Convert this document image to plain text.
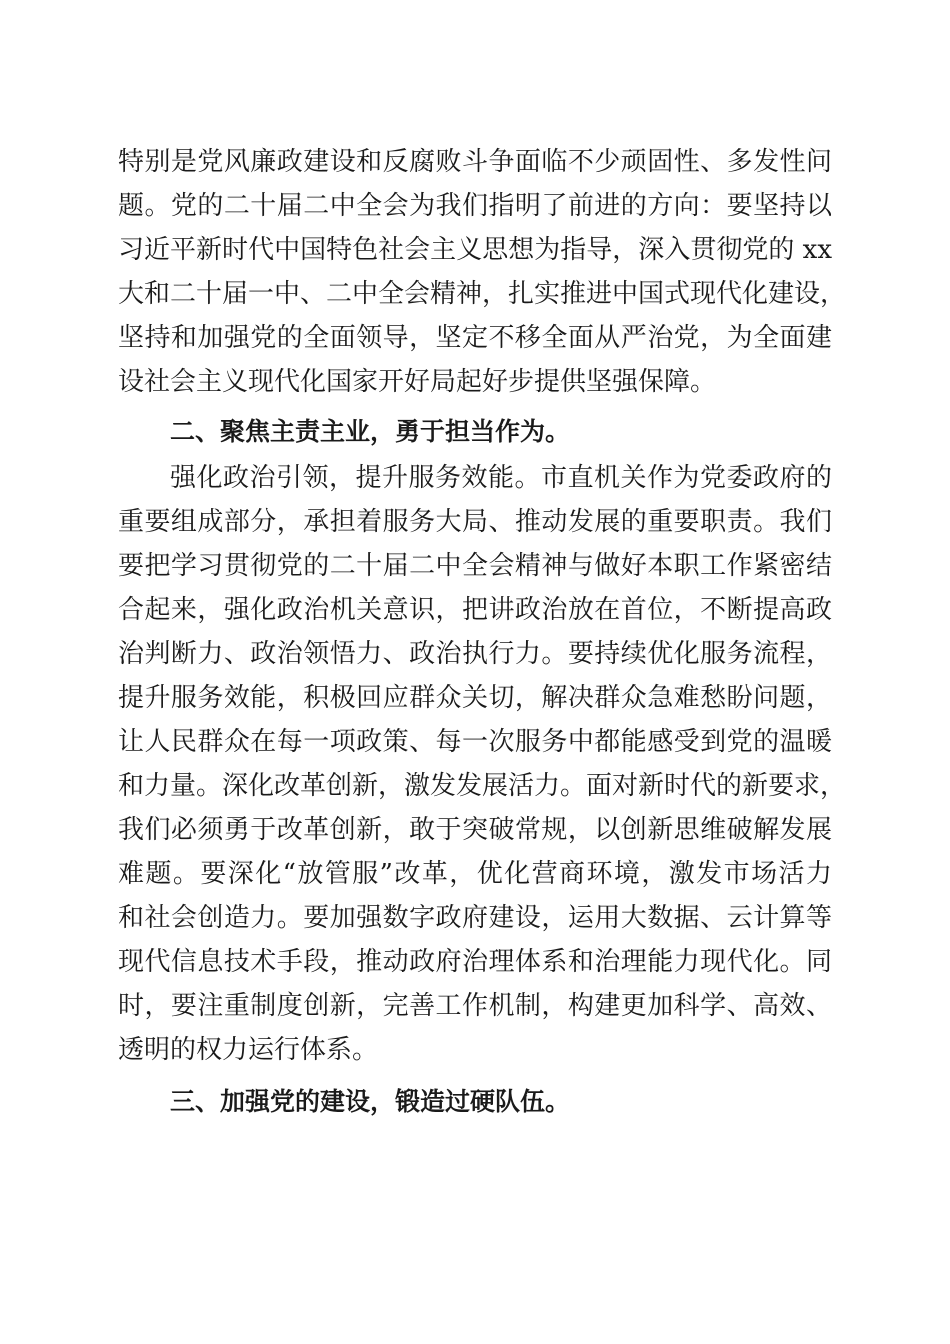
特别是党风廉政建设和反腐败斗争面临不少顽固性、多发性问
题。党的二十届二中全会为我们指明了前进的方向：要坚持以
习近平新时代中国特色社会主义思想为指导，深入贯彻党的 xx
大和二十届一中、二中全会精神，扎实推进中国式现代化建设，
坚持和加强党的全面领导，坚定不移全面从严治党，为全面建
设社会主义现代化国家开好局起好步提供坚强保障。
二、聚焦主责主业，勇于担当作为。
强化政治引领，提升服务效能。市直机关作为党委政府的
重要组成部分，承担着服务大局、推动发展的重要职责。我们
要把学习贯彻党的二十届二中全会精神与做好本职工作紧密结
合起来，强化政治机关意识，把讲政治放在首位，不断提高政
治判断力、政治领悟力、政治执行力。要持续优化服务流程，
提升服务效能，积极回应群众关切，解决群众急难愁盼问题，
让人民群众在每一项政策、每一次服务中都能感受到党的温暖
和力量。深化改革创新，激发发展活力。面对新时代的新要求，
我们必须勇于改革创新，敢于突破常规，以创新思维破解发展
难题。要深化“放管服”改革，优化营商环境，激发市场活力
和社会创造力。要加强数字政府建设，运用大数据、云计算等
现代信息技术手段，推动政府治理体系和治理能力现代化。同
时，要注重制度创新，完善工作机制，构建更加科学、高效、
透明的权力运行体系。
三、加强党的建设，锻造过硬队伍。
